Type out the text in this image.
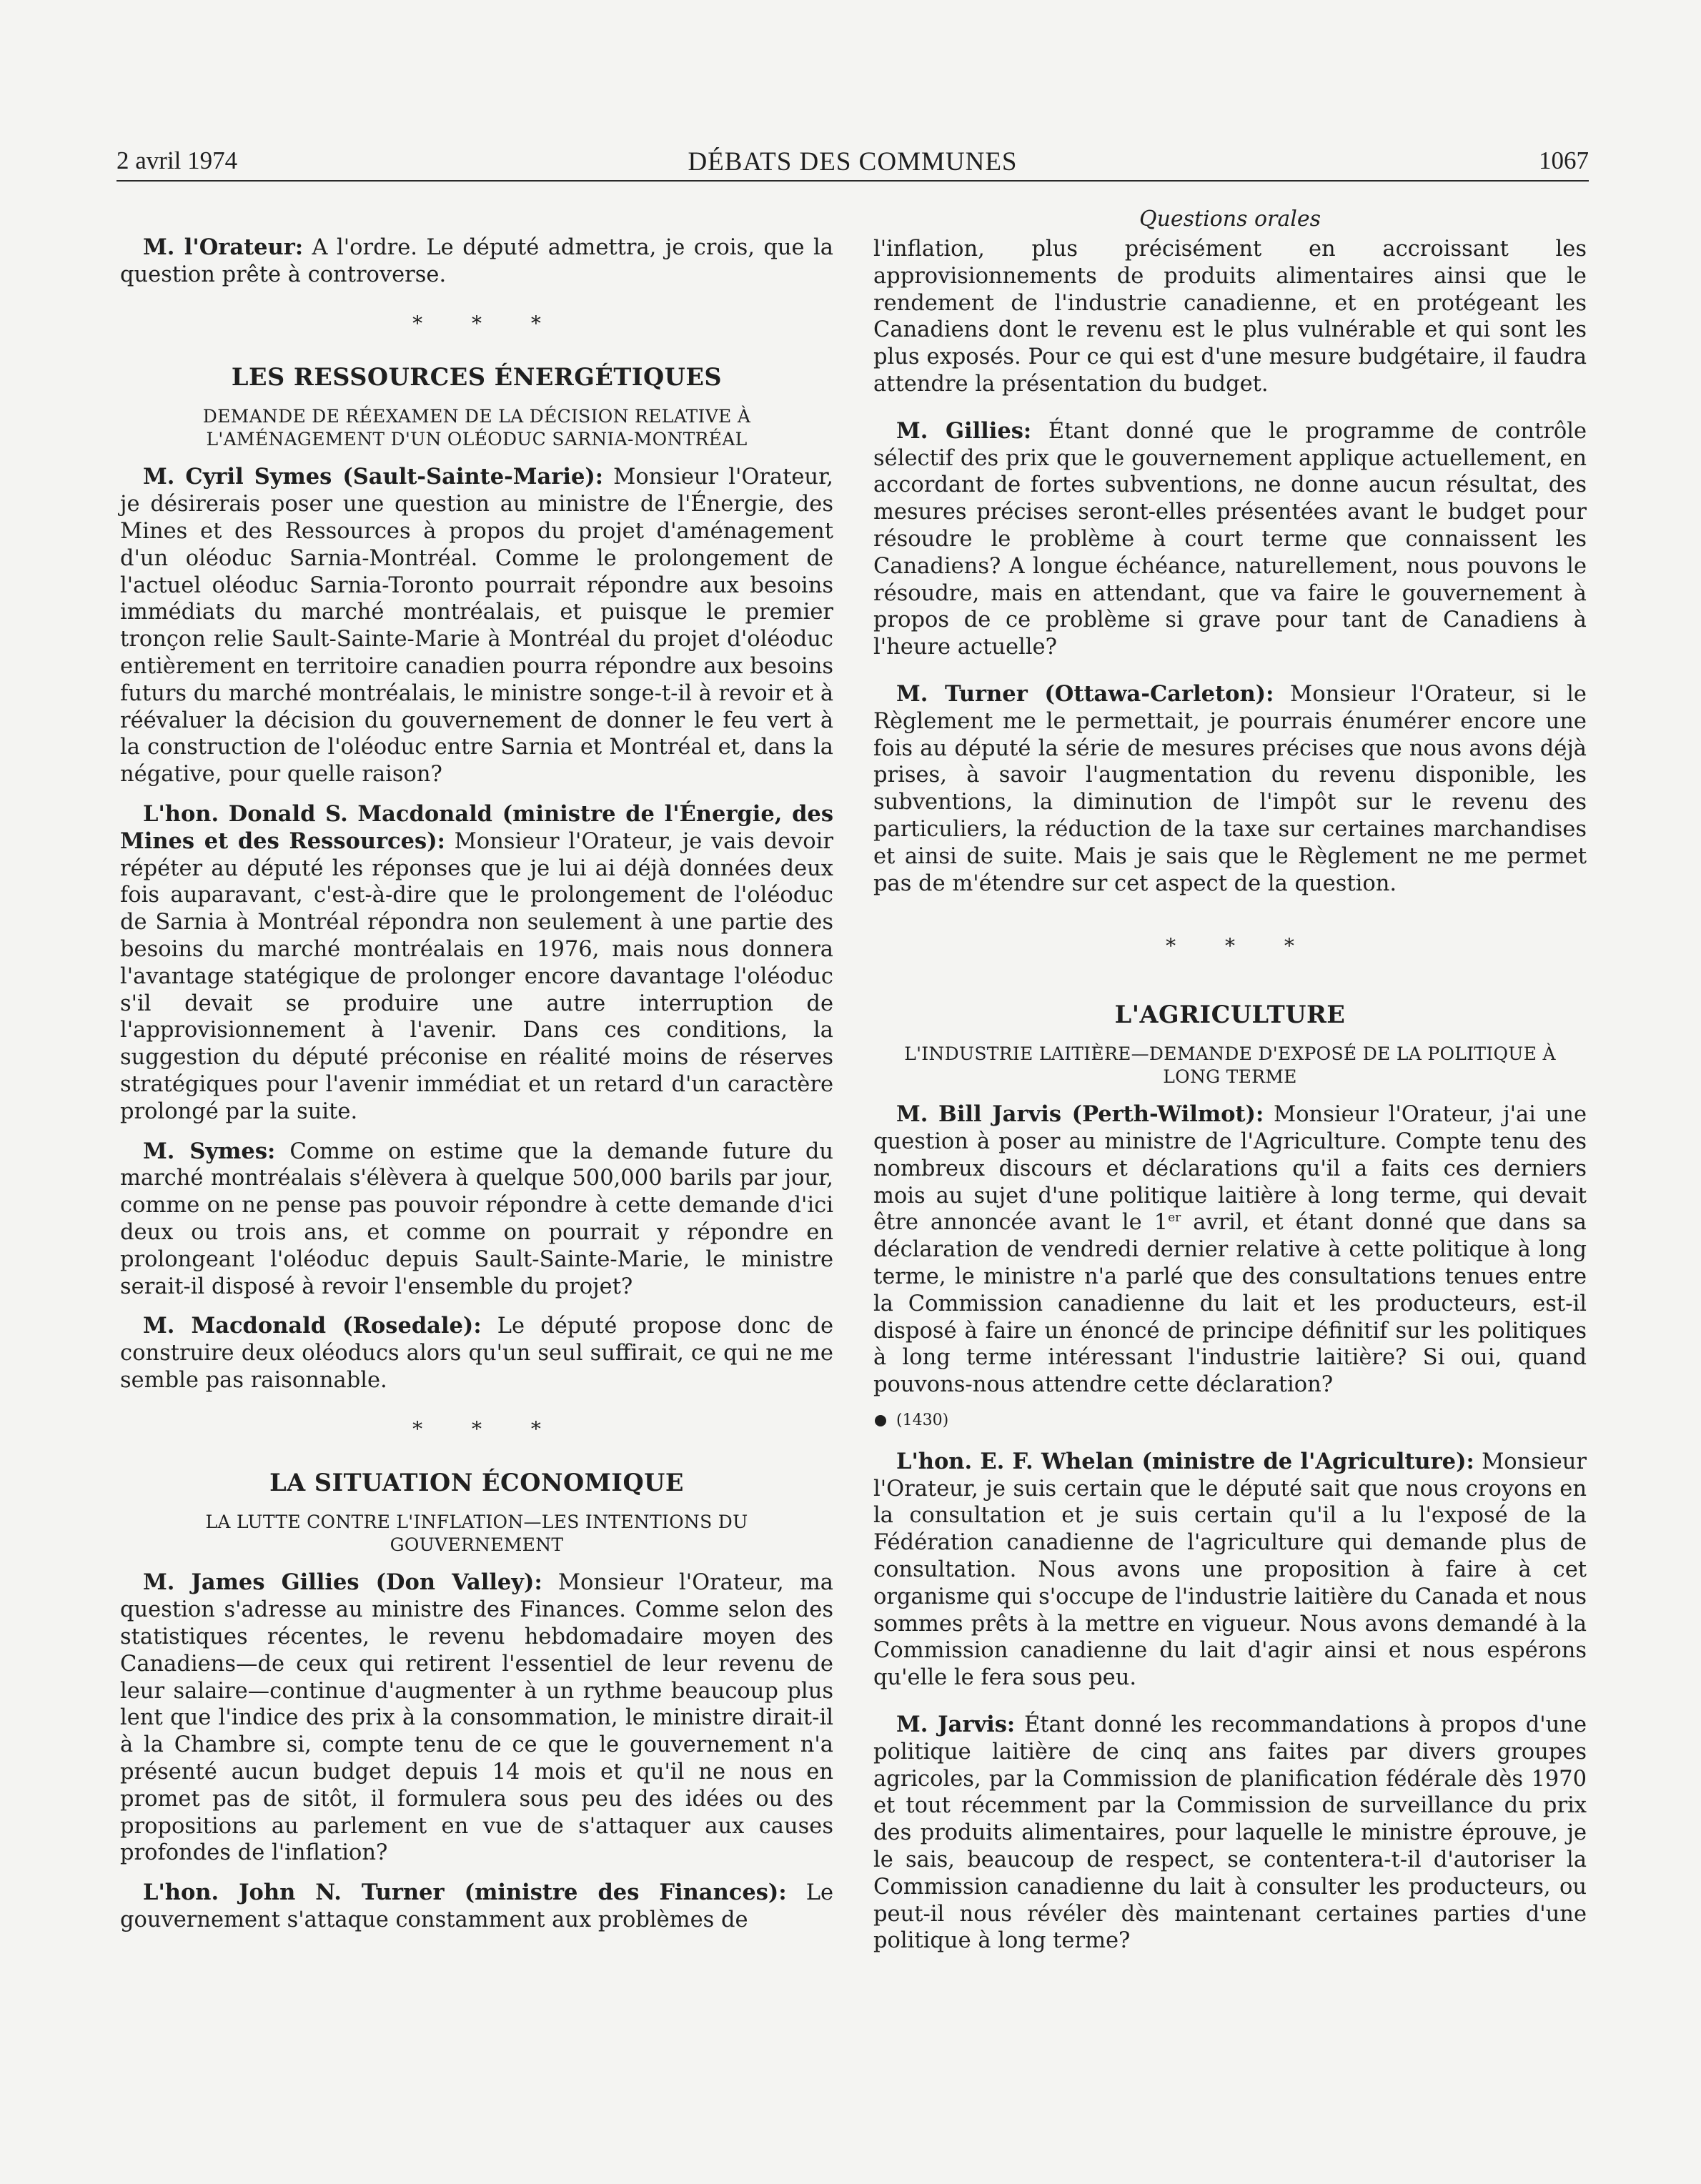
2 avril 1974	DÉBATS DES COMMUNES	1067
Questions orales

M. l'Orateur: A l'ordre. Le député admettra, je crois, que la question prête à controverse.

* * *
LES RESSOURCES ÉNERGÉTIQUES
DEMANDE DE RÉEXAMEN DE LA DÉCISION RELATIVE À L'AMÉNAGEMENT D'UN OLÉODUC SARNIA-MONTRÉAL

M. Cyril Symes (Sault-Sainte-Marie): Monsieur l'Orateur, je désirerais poser une question au ministre de l'Énergie, des Mines et des Ressources à propos du projet d'aménagement d'un oléoduc Sarnia-Montréal. Comme le prolongement de l'actuel oléoduc Sarnia-Toronto pourrait répondre aux besoins immédiats du marché montréalais, et puisque le premier tronçon relie Sault-Sainte-Marie à Montréal du projet d'oléoduc entièrement en territoire canadien pourra répondre aux besoins futurs du marché montréalais, le ministre songe-t-il à revoir et à réévaluer la décision du gouvernement de donner le feu vert à la construction de l'oléoduc entre Sarnia et Montréal et, dans la négative, pour quelle raison?

L'hon. Donald S. Macdonald (ministre de l'Énergie, des Mines et des Ressources): Monsieur l'Orateur, je vais devoir répéter au député les réponses que je lui ai déjà données deux fois auparavant, c'est-à-dire que le prolongement de l'oléoduc de Sarnia à Montréal répondra non seulement à une partie des besoins du marché montréalais en 1976, mais nous donnera l'avantage statégique de prolonger encore davantage l'oléoduc s'il devait se produire une autre interruption de l'approvisionnement à l'avenir. Dans ces conditions, la suggestion du député préconise en réalité moins de réserves stratégiques pour l'avenir immédiat et un retard d'un caractère prolongé par la suite.

M. Symes: Comme on estime que la demande future du marché montréalais s'élèvera à quelque 500,000 barils par jour, comme on ne pense pas pouvoir répondre à cette demande d'ici deux ou trois ans, et comme on pourrait y répondre en prolongeant l'oléoduc depuis Sault-Sainte-Marie, le ministre serait-il disposé à revoir l'ensemble du projet?

M. Macdonald (Rosedale): Le député propose donc de construire deux oléoducs alors qu'un seul suffirait, ce qui ne me semble pas raisonnable.

* * *
LA SITUATION ÉCONOMIQUE
LA LUTTE CONTRE L'INFLATION—LES INTENTIONS DU GOUVERNEMENT

M. James Gillies (Don Valley): Monsieur l'Orateur, ma question s'adresse au ministre des Finances. Comme selon des statistiques récentes, le revenu hebdomadaire moyen des Canadiens—de ceux qui retirent l'essentiel de leur revenu de leur salaire—continue d'augmenter à un rythme beaucoup plus lent que l'indice des prix à la consommation, le ministre dirait-il à la Chambre si, compte tenu de ce que le gouvernement n'a présenté aucun budget depuis 14 mois et qu'il ne nous en promet pas de sitôt, il formulera sous peu des idées ou des propositions au parlement en vue de s'attaquer aux causes profondes de l'inflation?

L'hon. John N. Turner (ministre des Finances): Le gouvernement s'attaque constamment aux problèmes de

l'inflation, plus précisément en accroissant les approvisionnements de produits alimentaires ainsi que le rendement de l'industrie canadienne, et en protégeant les Canadiens dont le revenu est le plus vulnérable et qui sont les plus exposés. Pour ce qui est d'une mesure budgétaire, il faudra attendre la présentation du budget.

M. Gillies: Étant donné que le programme de contrôle sélectif des prix que le gouvernement applique actuellement, en accordant de fortes subventions, ne donne aucun résultat, des mesures précises seront-elles présentées avant le budget pour résoudre le problème à court terme que connaissent les Canadiens? A longue échéance, naturellement, nous pouvons le résoudre, mais en attendant, que va faire le gouvernement à propos de ce problème si grave pour tant de Canadiens à l'heure actuelle?

M. Turner (Ottawa-Carleton): Monsieur l'Orateur, si le Règlement me le permettait, je pourrais énumérer encore une fois au député la série de mesures précises que nous avons déjà prises, à savoir l'augmentation du revenu disponible, les subventions, la diminution de l'impôt sur le revenu des particuliers, la réduction de la taxe sur certaines marchandises et ainsi de suite. Mais je sais que le Règlement ne me permet pas de m'étendre sur cet aspect de la question.

* * *
L'AGRICULTURE
L'INDUSTRIE LAITIÈRE—DEMANDE D'EXPOSÉ DE LA POLITIQUE À LONG TERME

M. Bill Jarvis (Perth-Wilmot): Monsieur l'Orateur, j'ai une question à poser au ministre de l'Agriculture. Compte tenu des nombreux discours et déclarations qu'il a faits ces derniers mois au sujet d'une politique laitière à long terme, qui devait être annoncée avant le 1er avril, et étant donné que dans sa déclaration de vendredi dernier relative à cette politique à long terme, le ministre n'a parlé que des consultations tenues entre la Commission canadienne du lait et les producteurs, est-il disposé à faire un énoncé de principe définitif sur les politiques à long terme intéressant l'industrie laitière? Si oui, quand pouvons-nous attendre cette déclaration?

(1430)

L'hon. E. F. Whelan (ministre de l'Agriculture): Monsieur l'Orateur, je suis certain que le député sait que nous croyons en la consultation et je suis certain qu'il a lu l'exposé de la Fédération canadienne de l'agriculture qui demande plus de consultation. Nous avons une proposition à faire à cet organisme qui s'occupe de l'industrie laitière du Canada et nous sommes prêts à la mettre en vigueur. Nous avons demandé à la Commission canadienne du lait d'agir ainsi et nous espérons qu'elle le fera sous peu.

M. Jarvis: Étant donné les recommandations à propos d'une politique laitière de cinq ans faites par divers groupes agricoles, par la Commission de planification fédérale dès 1970 et tout récemment par la Commission de surveillance du prix des produits alimentaires, pour laquelle le ministre éprouve, je le sais, beaucoup de respect, se contentera-t-il d'autoriser la Commission canadienne du lait à consulter les producteurs, ou peut-il nous révéler dès maintenant certaines parties d'une politique à long terme?
